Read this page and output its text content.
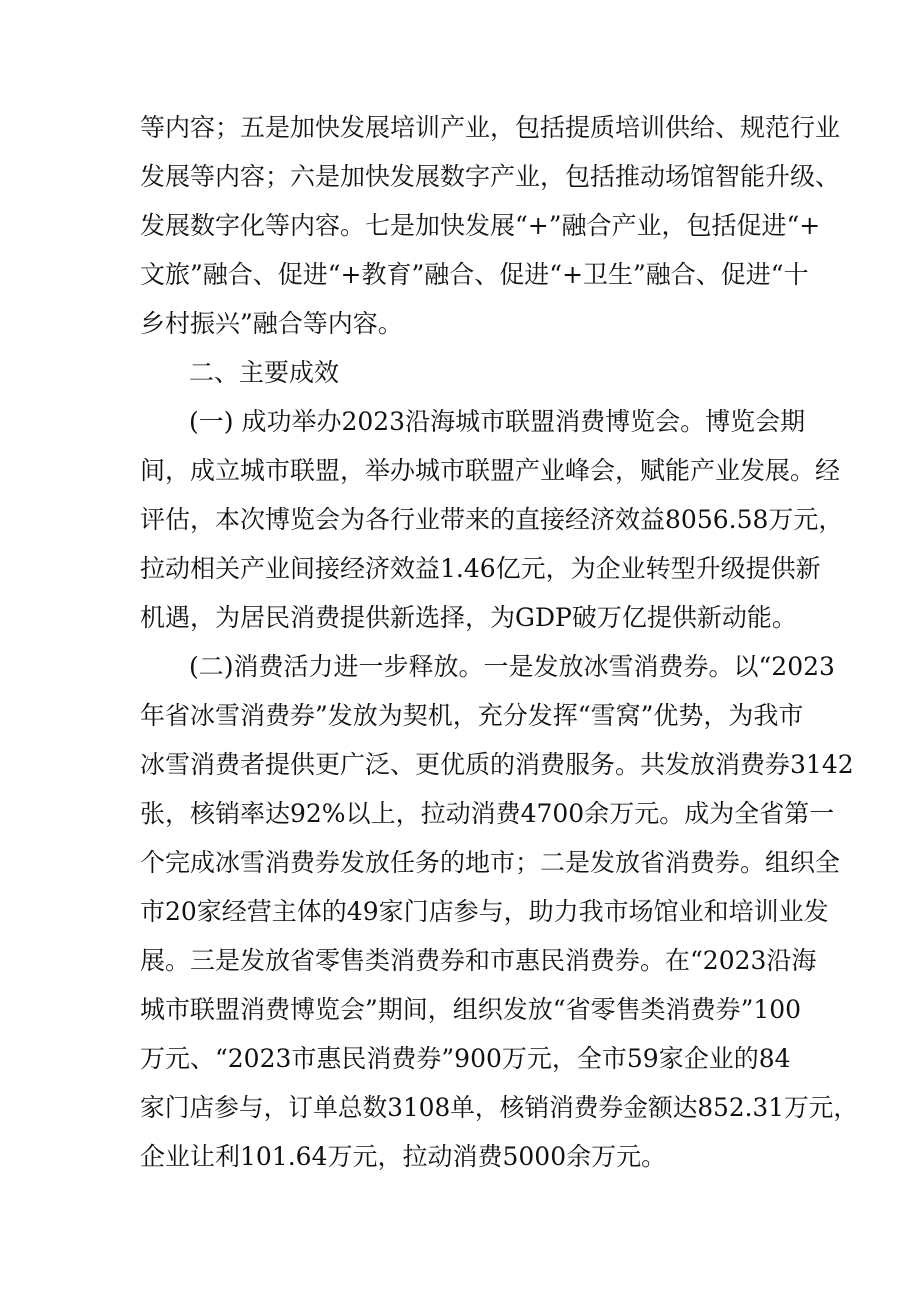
等内容；五是加快发展培训产业，包括提质培训供给、规范行业
发展等内容；六是加快发展数字产业，包括推动场馆智能升级、
发展数字化等内容。七是加快发展“+”融合产业，包括促进“+
文旅”融合、促进“+教育”融合、促进“+卫生”融合、促进“十
乡村振兴”融合等内容。
二、主要成效
(一) 成功举办2023沿海城市联盟消费博览会。博览会期
间，成立城市联盟，举办城市联盟产业峰会，赋能产业发展。经
评估，本次博览会为各行业带来的直接经济效益8056.58万元，
拉动相关产业间接经济效益1.46亿元，为企业转型升级提供新
机遇，为居民消费提供新选择，为GDP破万亿提供新动能。
(二)消费活力进一步释放。一是发放冰雪消费券。以“2023
年省冰雪消费券”发放为契机，充分发挥“雪窝”优势，为我市
冰雪消费者提供更广泛、更优质的消费服务。共发放消费券3142
张，核销率达92%以上，拉动消费4700余万元。成为全省第一
个完成冰雪消费券发放任务的地市；二是发放省消费券。组织全
市20家经营主体的49家门店参与，助力我市场馆业和培训业发
展。三是发放省零售类消费券和市惠民消费券。在“2023沿海
城市联盟消费博览会”期间，组织发放“省零售类消费券”100
万元、“2023市惠民消费券”900万元，全市59家企业的84
家门店参与，订单总数3108单，核销消费券金额达852.31万元，
企业让利101.64万元，拉动消费5000余万元。
